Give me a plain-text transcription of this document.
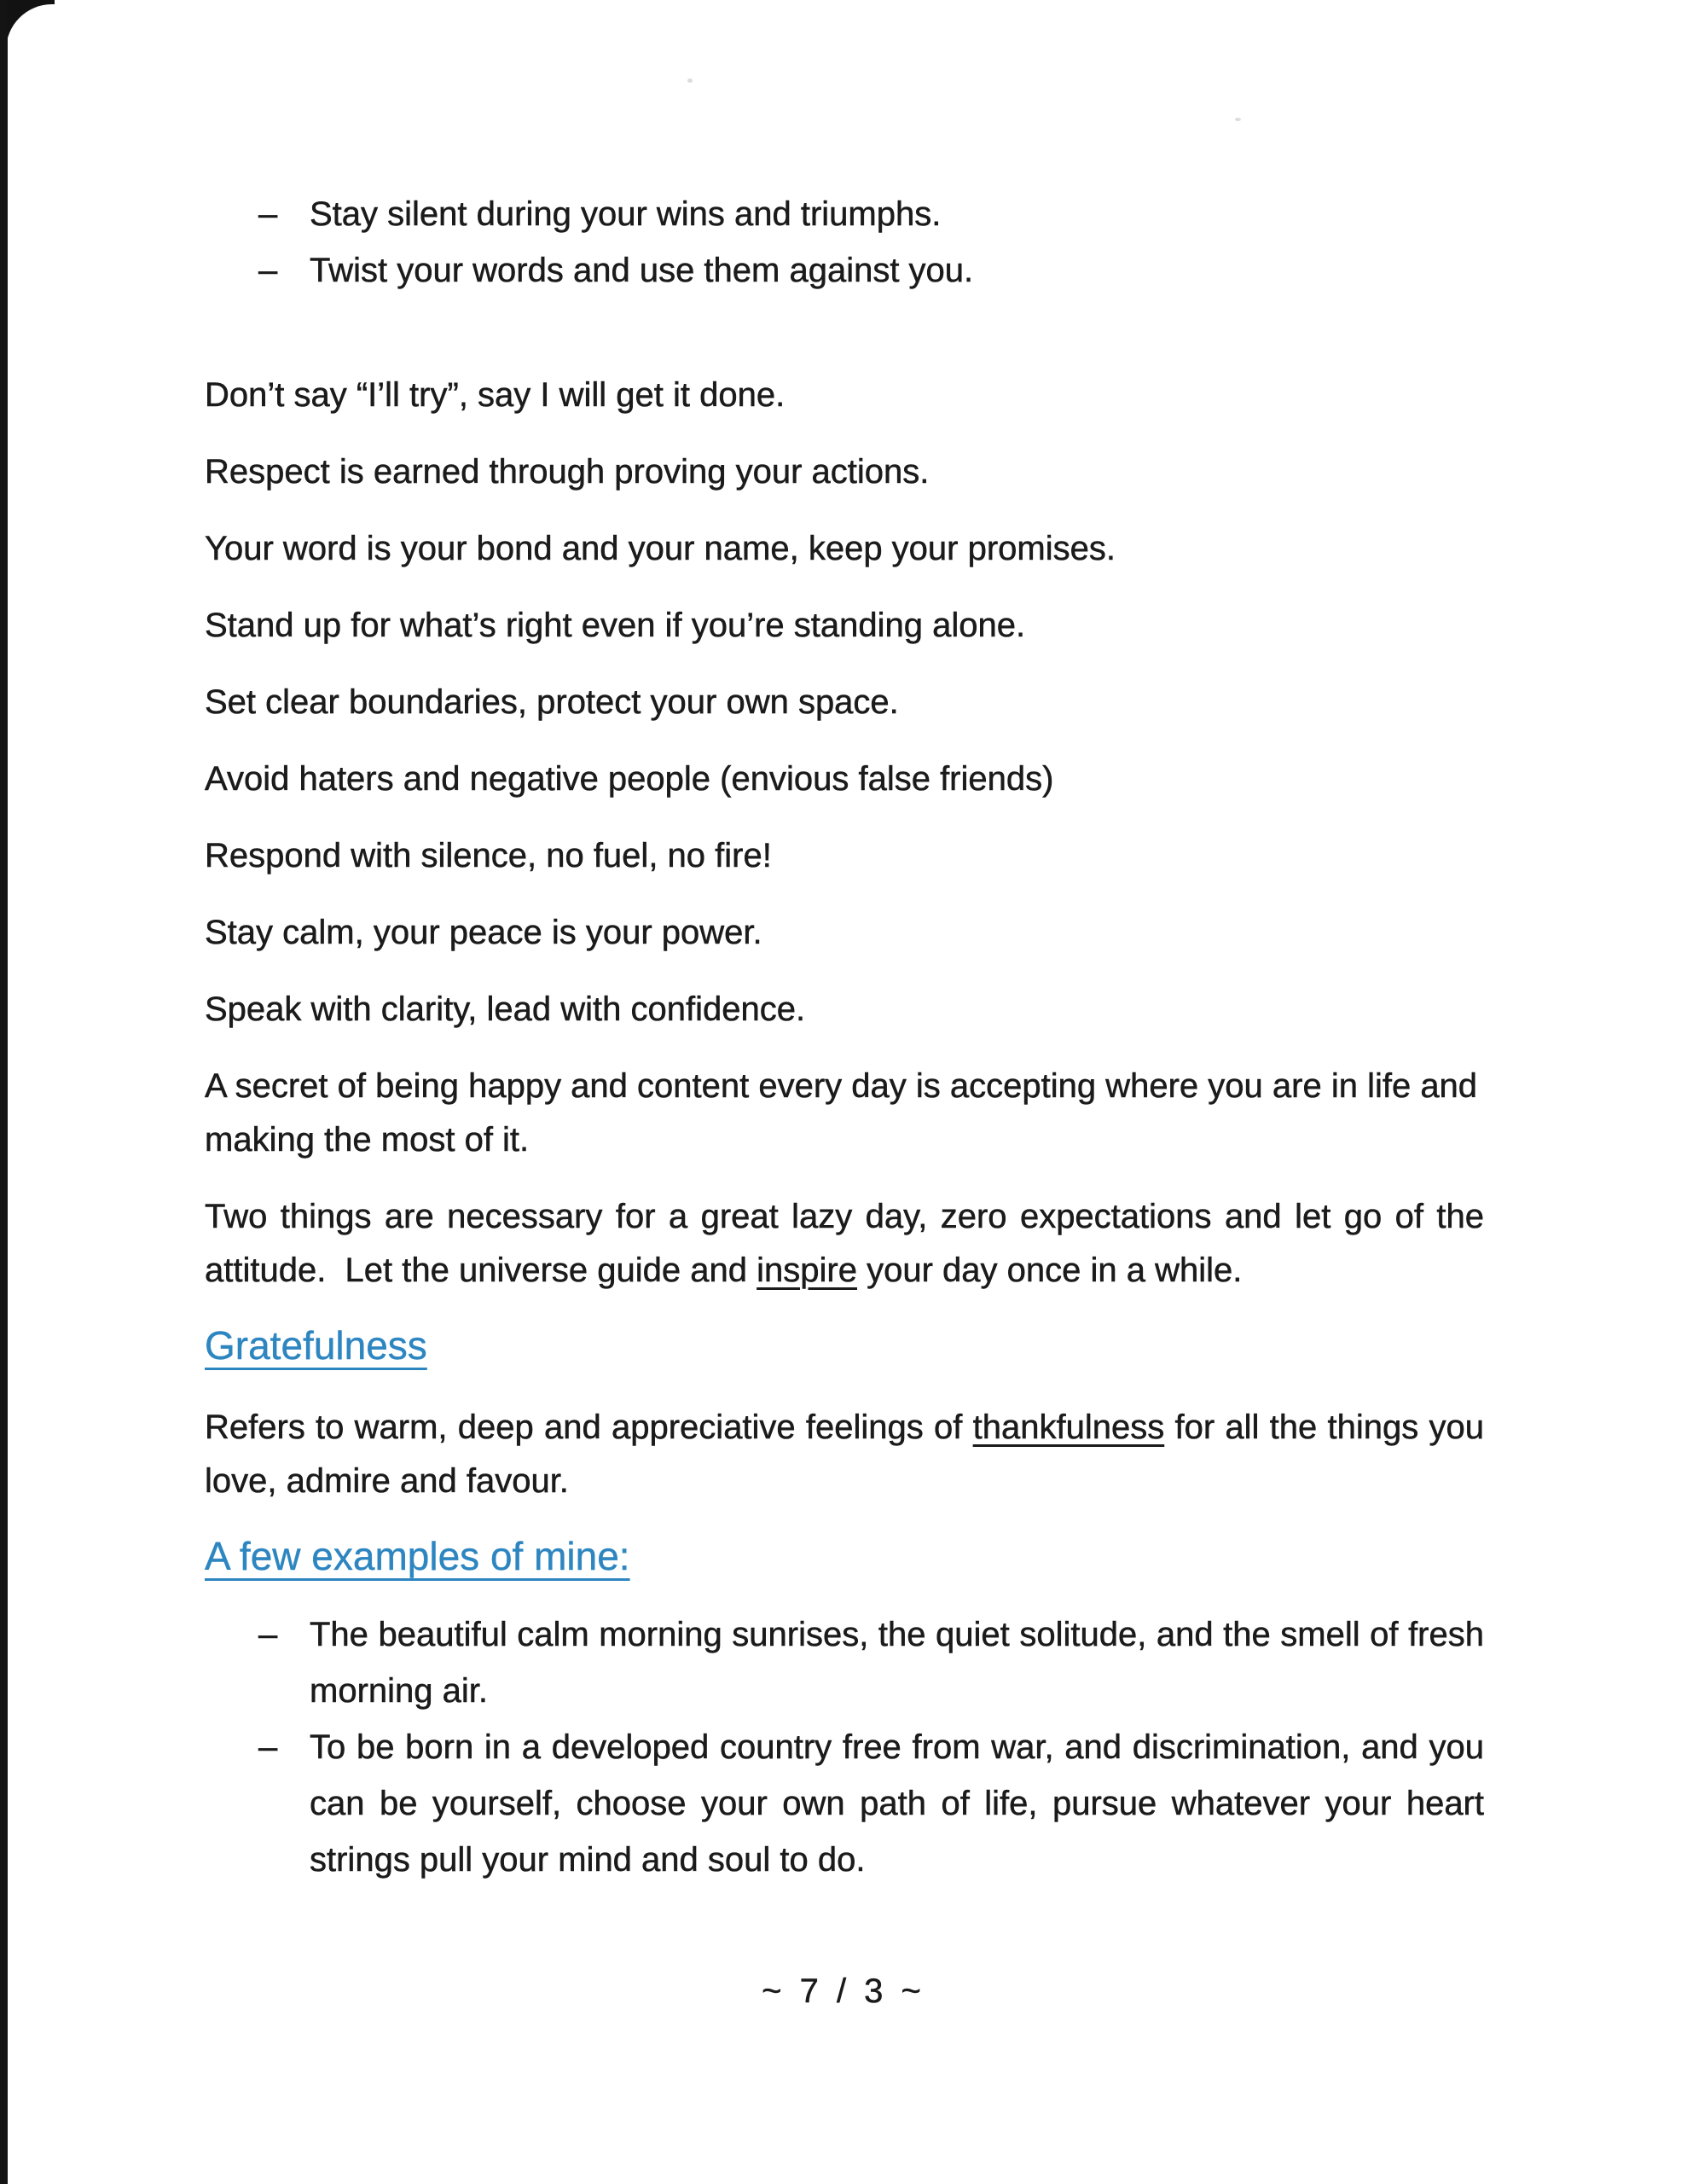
– Stay silent during your wins and triumphs.
– Twist your words and use them against you.

Don’t say “I’ll try”, say I will get it done.

Respect is earned through proving your actions.

Your word is your bond and your name, keep your promises.

Stand up for what’s right even if you’re standing alone.

Set clear boundaries, protect your own space.

Avoid haters and negative people (envious false friends)

Respond with silence, no fuel, no fire!

Stay calm, your peace is your power.

Speak with clarity, lead with confidence.

A secret of being happy and content every day is accepting where you are in life and making the most of it.

Two things are necessary for a great lazy day, zero expectations and let go of the attitude.  Let the universe guide and inspire your day once in a while.

Gratefulness

Refers to warm, deep and appreciative feelings of thankfulness for all the things you love, admire and favour.

A few examples of mine:
– The beautiful calm morning sunrises, the quiet solitude, and the smell of fresh morning air.
– To be born in a developed country free from war, and discrimination, and you can be yourself, choose your own path of life, pursue whatever your heart strings pull your mind and soul to do.
~ 7 / 3 ~
